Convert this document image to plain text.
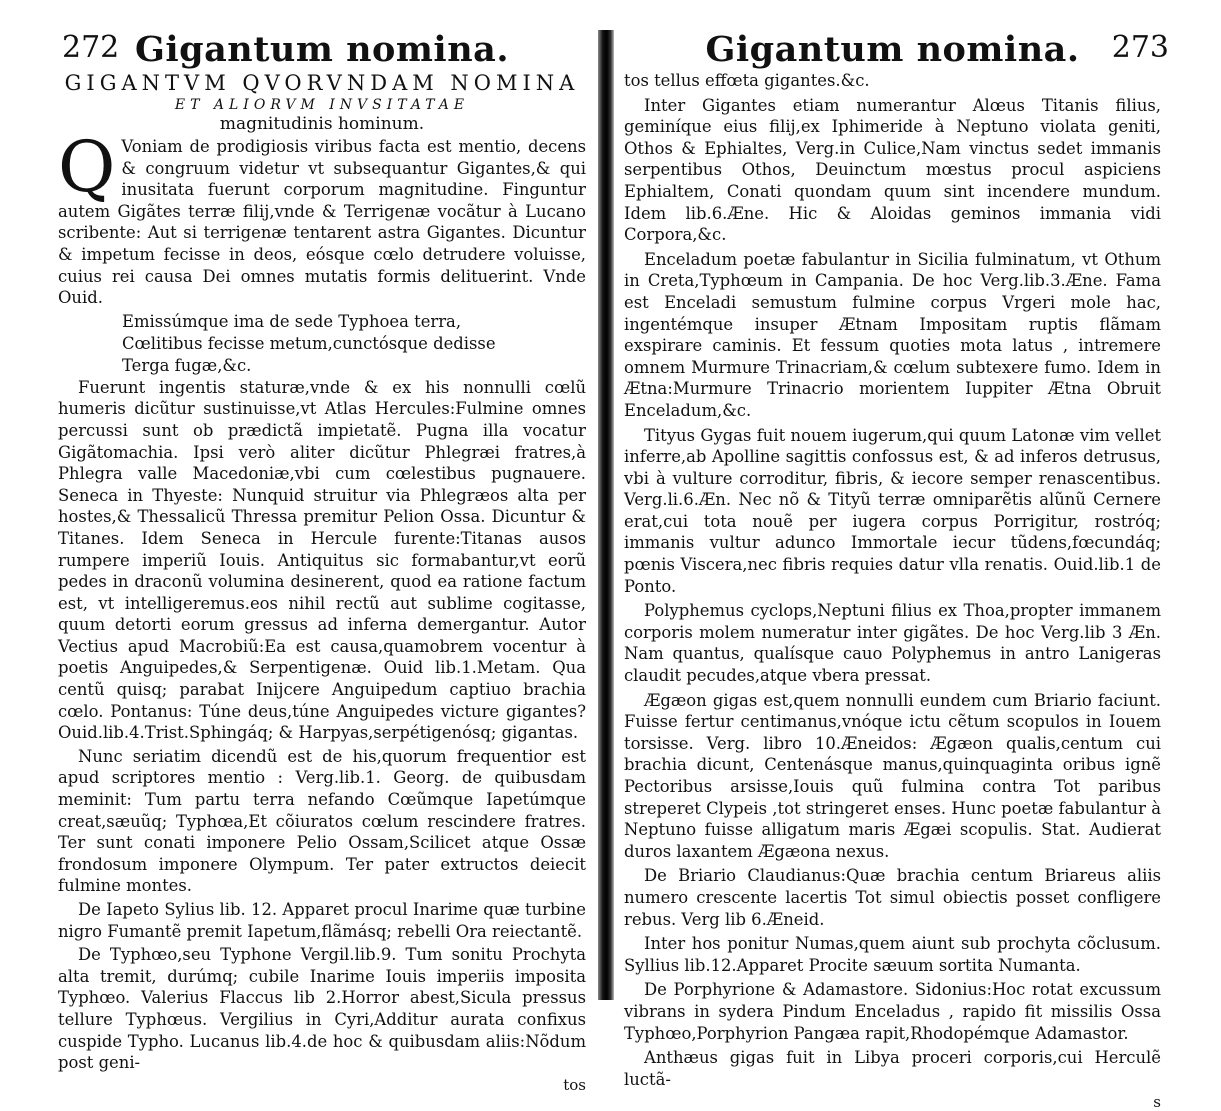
272 Gigantum nomina.

GIGANTVM QVORVNDAM NOMINA

ET ALIORVM INVSITATAE

magnitudinis hominum.

Q Voniam de prodigiosis viribus facta est mentio, decens & congruum videtur vt subsequantur Gigantes,& qui inusitata fuerunt corporum magnitudine. Finguntur autem Gigãtes terræ filij,vnde & Terrigenæ vocãtur à Lucano scribente: Aut si terrigenæ tentarent astra Gigantes. Dicuntur & impetum fecisse in deos, eósque cœlo detrudere voluisse, cuius rei causa Dei omnes mutatis formis delituerint. Vnde Ouid.

Emissúmque ima de sede Typhoea terra,

Cœlitibus fecisse metum,cunctósque dedisse

Terga fugæ,&c.

Fuerunt ingentis staturæ,vnde & ex his nonnulli cœlũ humeris dicũtur sustinuisse,vt Atlas Hercules:Fulmine omnes percussi sunt ob prædictã impietatẽ. Pugna illa vocatur Gigãtomachia. Ipsi verò aliter dicũtur Phlegræi fratres,à Phlegra valle Macedoniæ,vbi cum cœlestibus pugnauere. Seneca in Thyeste: Nunquid struitur via Phlegræos alta per hostes,& Thessalicũ Thressa premitur Pelion Ossa. Dicuntur & Titanes. Idem Seneca in Hercule furente:Titanas ausos rumpere imperiũ Iouis. Antiquitus sic formabantur,vt eorũ pedes in draconũ volumina desinerent, quod ea ratione factum est, vt intelligeremus.eos nihil rectũ aut sublime cogitasse, quum detorti eorum gressus ad inferna demergantur. Autor Vectius apud Macrobiũ:Ea est causa,quamobrem vocentur à poetis Anguipedes,& Serpentigenæ. Ouid lib.1.Metam. Qua centũ quisq; parabat Inijcere Anguipedum captiuo brachia cœlo. Pontanus: Túne deus,túne Anguipedes victure gigantes? Ouid.lib.4.Trist.Sphingáq; & Harpyas,serpétigenósq; gigantas.

Nunc seriatim dicendũ est de his,quorum frequentior est apud scriptores mentio : Verg.lib.1. Georg. de quibusdam meminit: Tum partu terra nefando Cœũmque Iapetúmque creat,sæuũq; Typhœa,Et cõiuratos cœlum rescindere fratres. Ter sunt conati imponere Pelio Ossam,Scilicet atque Ossæ frondosum imponere Olympum. Ter pater extructos deiecit fulmine montes.

De Iapeto Sylius lib. 12. Apparet procul Inarime quæ turbine nigro Fumantẽ premit Iapetum,flãmásq; rebelli Ora reiectantẽ.

De Typhœo,seu Typhone Vergil.lib.9. Tum sonitu Prochyta alta tremit, durúmq; cubile Inarime Iouis imperiis imposita Typhœo. Valerius Flaccus lib 2.Horror abest,Sicula pressus tellure Typhœus. Vergilius in Cyri,Additur aurata confixus cuspide Typho. Lucanus lib.4.de hoc & quibusdam aliis:Nõdum post geni-

tos

273
Gigantum nomina.

tos tellus effœta gigantes.&c.

Inter Gigantes etiam numerantur Alœus Titanis filius, geminíque eius filij,ex Iphimeride à Neptuno violata geniti, Othos & Ephialtes, Verg.in Culice,Nam vinctus sedet immanis serpentibus Othos, Deuinctum mœstus procul aspiciens Ephialtem, Conati quondam quum sint incendere mundum. Idem lib.6.Æne. Hic & Aloidas geminos immania vidi Corpora,&c.

Enceladum poetæ fabulantur in Sicilia fulminatum, vt Othum in Creta,Typhœum in Campania. De hoc Verg.lib.3.Æne. Fama est Enceladi semustum fulmine corpus Vrgeri mole hac, ingentémque insuper Ætnam Impositam ruptis flãmam exspirare caminis. Et fessum quoties mota latus , intremere omnem Murmure Trinacriam,& cœlum subtexere fumo. Idem in Ætna:Murmure Trinacrio morientem Iuppiter Ætna Obruit Enceladum,&c.

Tityus Gygas fuit nouem iugerum,qui quum Latonæ vim vellet inferre,ab Apolline sagittis confossus est, & ad inferos detrusus, vbi à vulture corroditur, fibris, & iecore semper renascentibus. Verg.li.6.Æn. Nec nõ & Tityũ terræ omniparẽtis alũnũ Cernere erat,cui tota nouẽ per iugera corpus Porrigitur, rostróq; immanis vultur adunco Immortale iecur tũdens,fœcundáq; pœnis Viscera,nec fibris requies datur vlla renatis. Ouid.lib.1 de Ponto.

Polyphemus cyclops,Neptuni filius ex Thoa,propter immanem corporis molem numeratur inter gigãtes. De hoc Verg.lib 3 Æn. Nam quantus, qualísque cauo Polyphemus in antro Lanigeras claudit pecudes,atque vbera pressat.

Ægæon gigas est,quem nonnulli eundem cum Briario faciunt. Fuisse fertur centimanus,vnóque ictu cẽtum scopulos in Iouem torsisse. Verg. libro 10.Æneidos: Ægæon qualis,centum cui brachia dicunt, Centenásque manus,quinquaginta oribus ignẽ Pectoribus arsisse,Iouis quũ fulmina contra Tot paribus streperet Clypeis ,tot stringeret enses. Hunc poetæ fabulantur à Neptuno fuisse alligatum maris Ægæi scopulis. Stat. Audierat duros laxantem Ægæona nexus.

De Briario Claudianus:Quæ brachia centum Briareus aliis numero crescente lacertis Tot simul obiectis posset confligere rebus. Verg lib 6.Æneid.

Inter hos ponitur Numas,quem aiunt sub prochyta cõclusum. Syllius lib.12.Apparet Procite sæuum sortita Numanta.

De Porphyrione & Adamastore. Sidonius:Hoc rotat excussum vibrans in sydera Pindum Enceladus , rapido fit missilis Ossa Typhœo,Porphyrion Pangæa rapit,Rhodopémque Adamastor.

Anthæus gigas fuit in Libya proceri corporis,cui Herculẽ luctã-

s
